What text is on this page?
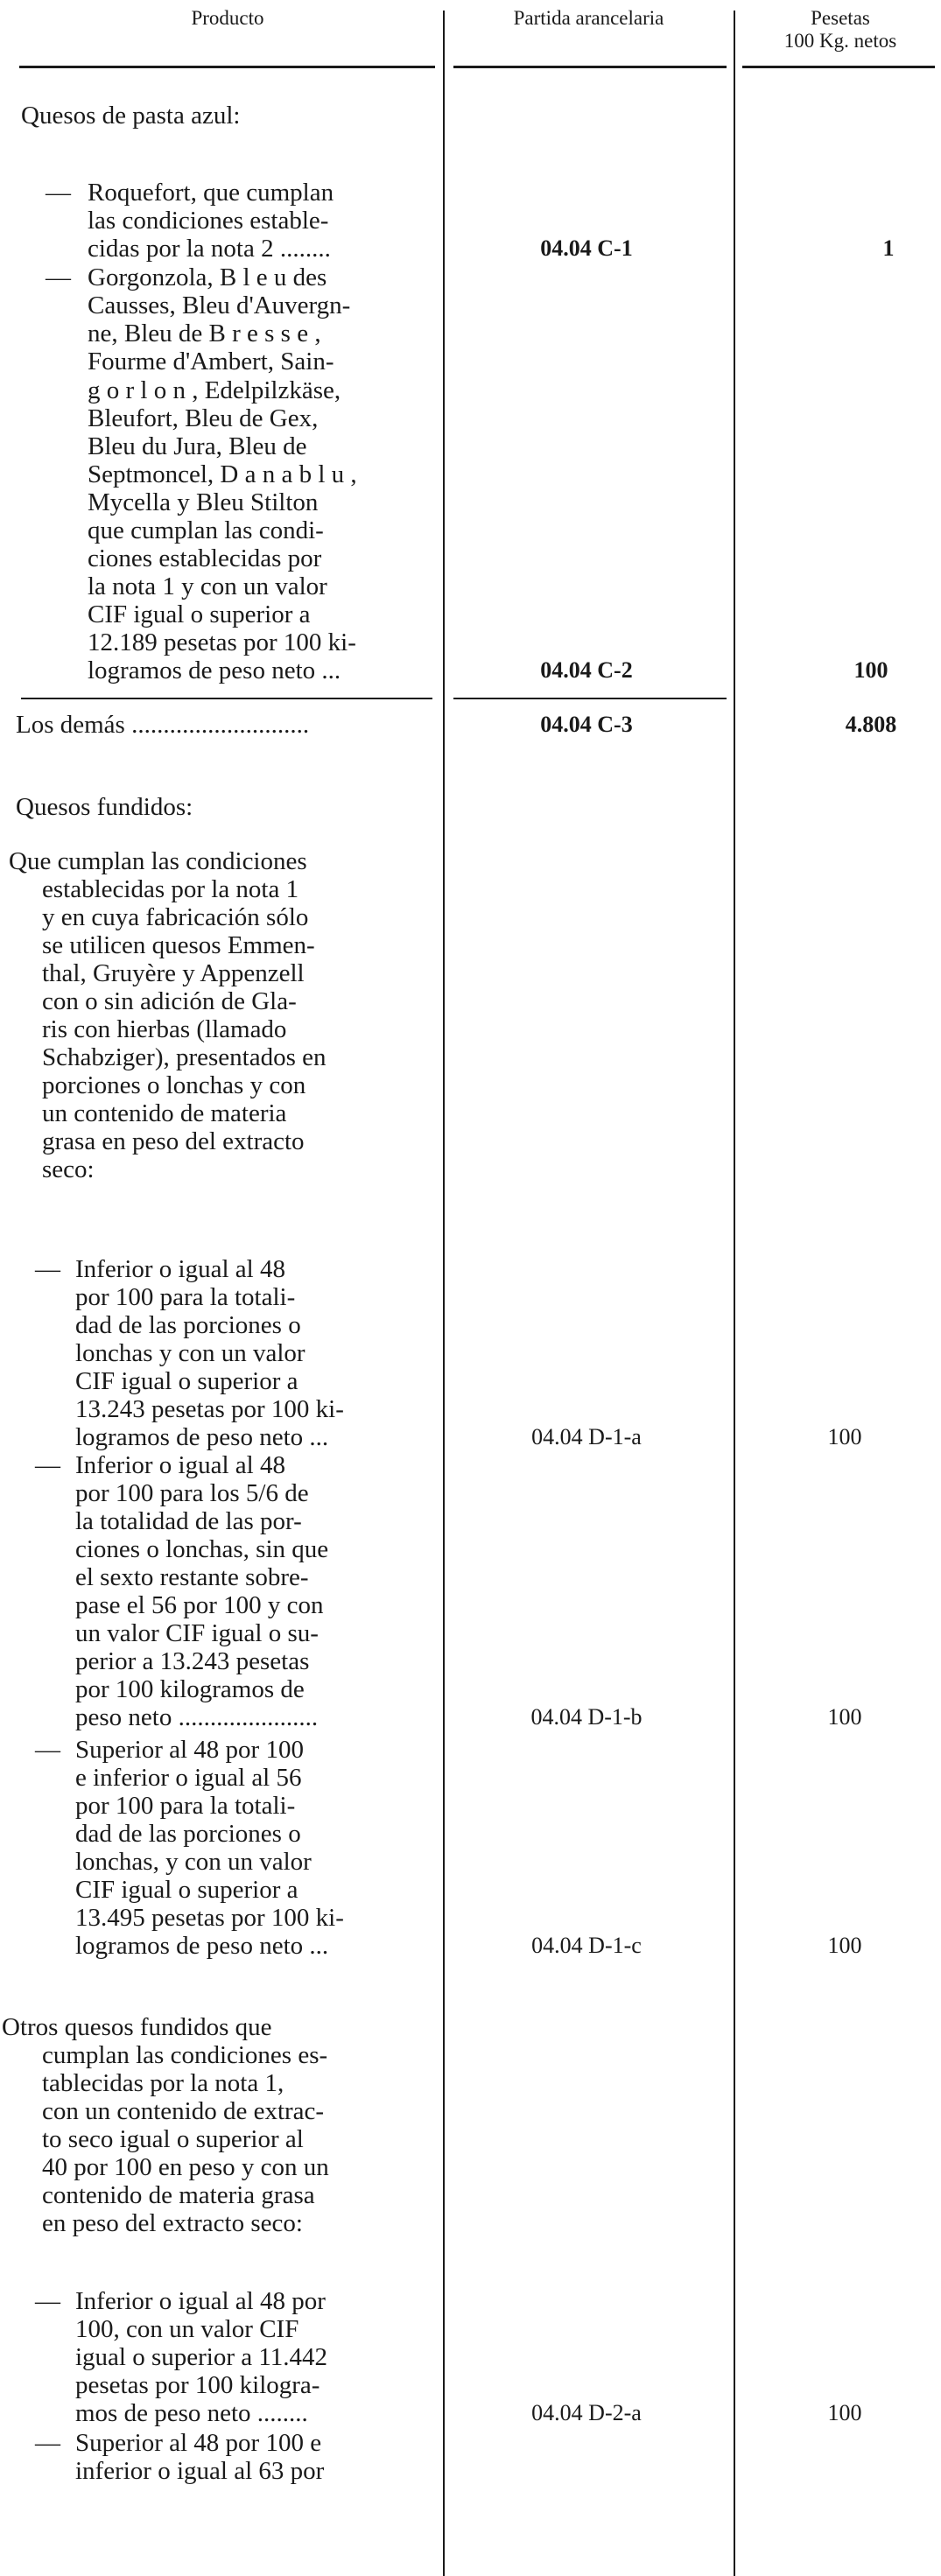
Producto	Partida arancelaria	Pesetas
100 Kg. netos
Quesos de pasta azul:
— Roquefort, que cumplan
las condiciones estable-
cidas por la nota 2 ........	04.04 C-1	1
— Gorgonzola, B l e u des
Causses, Bleu d'Auvergn-
ne, Bleu de B r e s s e ,
Fourme d'Ambert, Sain-
g o r l o n , Edelpilzkäse,
Bleufort, Bleu de Gex,
Bleu du Jura, Bleu de
Septmoncel, D a n a b l u ,
Mycella y Bleu Stilton
que cumplan las condi-
ciones establecidas por
la nota 1 y con un valor
CIF igual o superior a
12.189 pesetas por 100 ki-
logramos de peso neto ...	04.04 C-2	100
Los demás ............................	04.04 C-3	4.808
Quesos fundidos:
Que cumplan las condiciones
establecidas por la nota 1
y en cuya fabricación sólo
se utilicen quesos Emmen-
thal, Gruyère y Appenzell
con o sin adición de Gla-
ris con hierbas (llamado
Schabziger), presentados en
porciones o lonchas y con
un contenido de materia
grasa en peso del extracto
seco:
— Inferior o igual al 48
por 100 para la totali-
dad de las porciones o
lonchas y con un valor
CIF igual o superior a
13.243 pesetas por 100 ki-
logramos de peso neto ...	04.04 D-1-a	100
— Inferior o igual al 48
por 100 para los 5/6 de
la totalidad de las por-
ciones o lonchas, sin que
el sexto restante sobre-
pase el 56 por 100 y con
un valor CIF igual o su-
perior a 13.243 pesetas
por 100 kilogramos de
peso neto ......................	04.04 D-1-b	100
— Superior al 48 por 100
e inferior o igual al 56
por 100 para la totali-
dad de las porciones o
lonchas, y con un valor
CIF igual o superior a
13.495 pesetas por 100 ki-
logramos de peso neto ...	04.04 D-1-c	100
Otros quesos fundidos que
cumplan las condiciones es-
tablecidas por la nota 1,
con un contenido de extrac-
to seco igual o superior al
40 por 100 en peso y con un
contenido de materia grasa
en peso del extracto seco:
— Inferior o igual al 48 por
100, con un valor CIF
igual o superior a 11.442
pesetas por 100 kilogra-
mos de peso neto ........	04.04 D-2-a	100
— Superior al 48 por 100 e
inferior o igual al 63 por
